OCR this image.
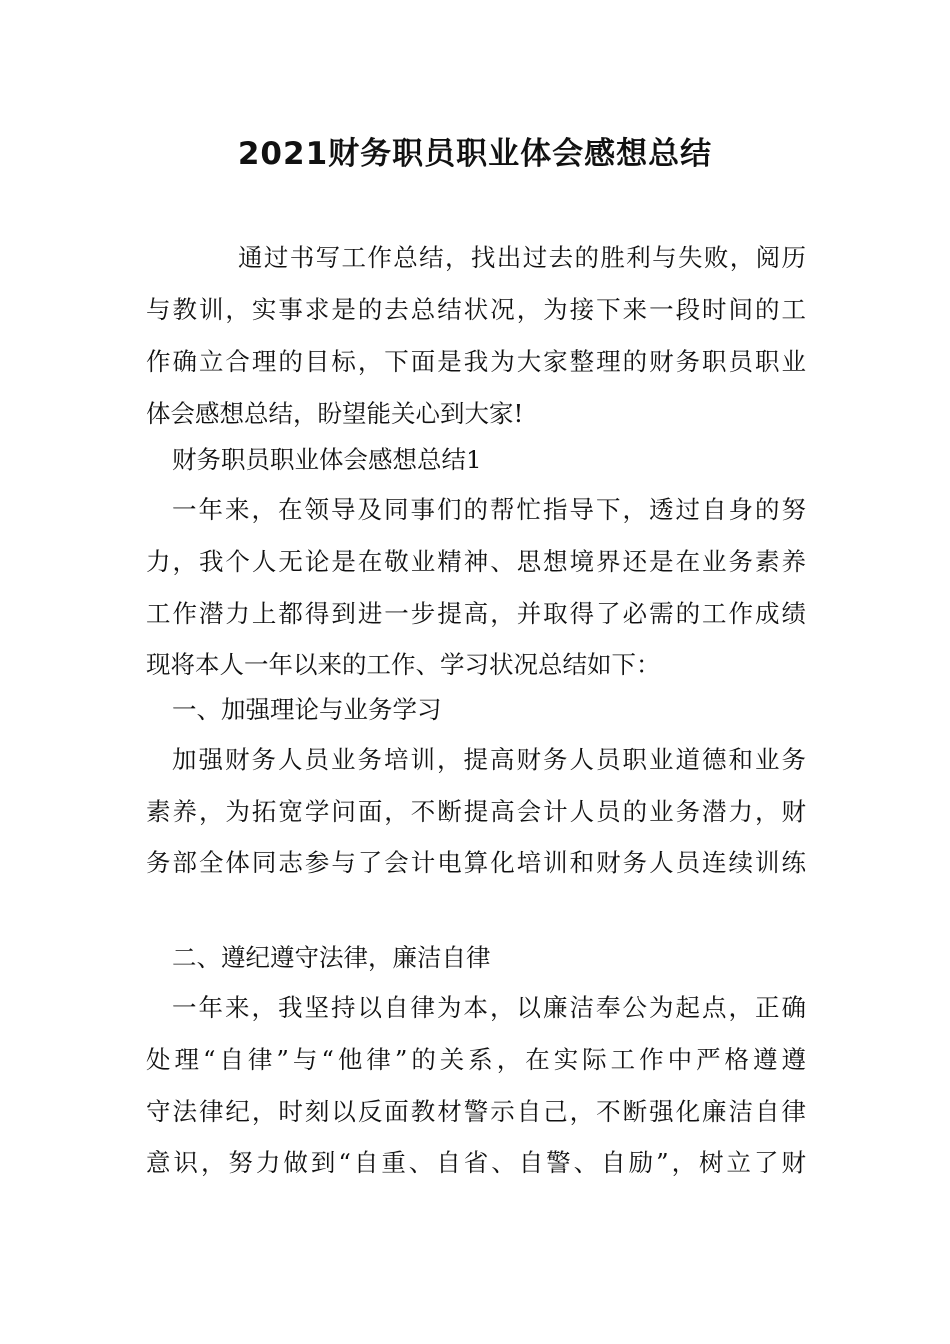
2021财务职员职业体会感想总结

通过书写工作总结，找出过去的胜利与失败，阅历

与教训，实事求是的去总结状况，为接下来一段时间的工

作确立合理的目标，下面是我为大家整理的财务职员职业

体会感想总结，盼望能关心到大家!

财务职员职业体会感想总结1

一年来，在领导及同事们的帮忙指导下，透过自身的努

力，我个人无论是在敬业精神、思想境界还是在业务素养

工作潜力上都得到进一步提高，并取得了必需的工作成绩

现将本人一年以来的工作、学习状况总结如下：

一、加强理论与业务学习

加强财务人员业务培训，提高财务人员职业道德和业务

素养，为拓宽学问面，不断提高会计人员的业务潜力，财

务部全体同志参与了会计电算化培训和财务人员连续训练

二、遵纪遵守法律，廉洁自律

一年来，我坚持以自律为本，以廉洁奉公为起点，正确

处理“自律”与“他律”的关系，在实际工作中严格遵遵

守法律纪，时刻以反面教材警示自己，不断强化廉洁自律

意识，努力做到“自重、自省、自警、自励”，树立了财
